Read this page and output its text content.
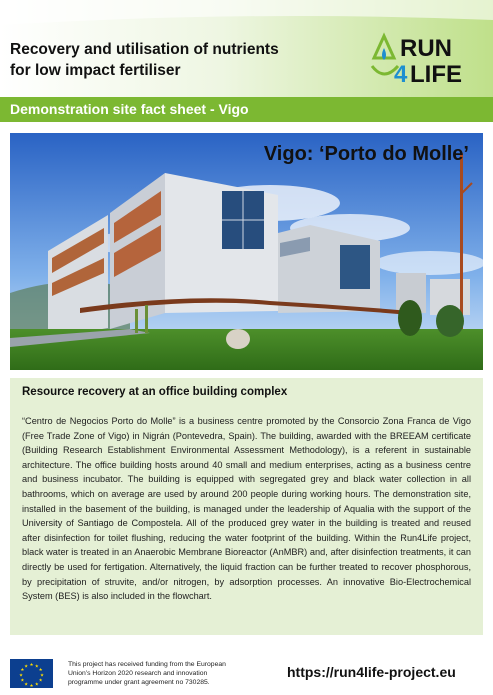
Recovery and utilisation of nutrients
for low impact fertiliser
RUN
4 LIFE
Demonstration site fact sheet - Vigo
Vigo: ‘Porto do Molle’
Resource recovery at an office building complex
“Centro de Negocios Porto do Molle” is a business centre promoted by the Consorcio Zona Franca de Vigo (Free Trade Zone of Vigo) in Nigrán (Pontevedra, Spain). The building, awarded with the BREEAM certificate (Building Research Establishment Environmental Assessment Methodology), is a referent in sustainable architecture. The office building hosts around 40 small and medium enterprises, acting as a business centre and business incubator. The building is equipped with segregated grey and black water collection in all bathrooms, which on average are used by around 200 people during working hours. The demonstration site, installed in the basement of the building, is managed under the leadership of Aqualia with the support of the University of Santiago de Compostela. All of the produced grey water in the building is treated and reused after disinfection for toilet flushing, reducing the water footprint of the building. Within the Run4Life project, black water is treated in an Anaerobic Membrane Bioreactor (AnMBR) and, after disinfection treatments, it can directly be used for fertigation. Alternatively, the liquid fraction can be further treated to recover phosphorous, by precipitation of struvite, and/or nitrogen, by adsorption processes. An innovative Bio-Electrochemical System (BES) is also included in the flowchart.
★ ★
★
★
★
★
★
★
★
★
★
★	This project has received funding from the European
Union’s Horizon 2020 research and innovation
programme under grant agreement no 730285.
https://run4life-project.eu
